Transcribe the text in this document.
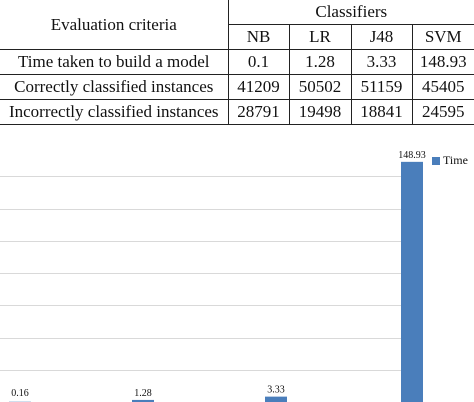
Evaluation criteria	Classifiers			
	NB	LR	J48	SVM
Time taken to build a model	0.1	1.28	3.33	148.93
Correctly classified instances	41209	50502	51159	45405
Incorrectly classified instances	28791	19498	18841	24595
0.16	1.28	3.33
148.93 Time
